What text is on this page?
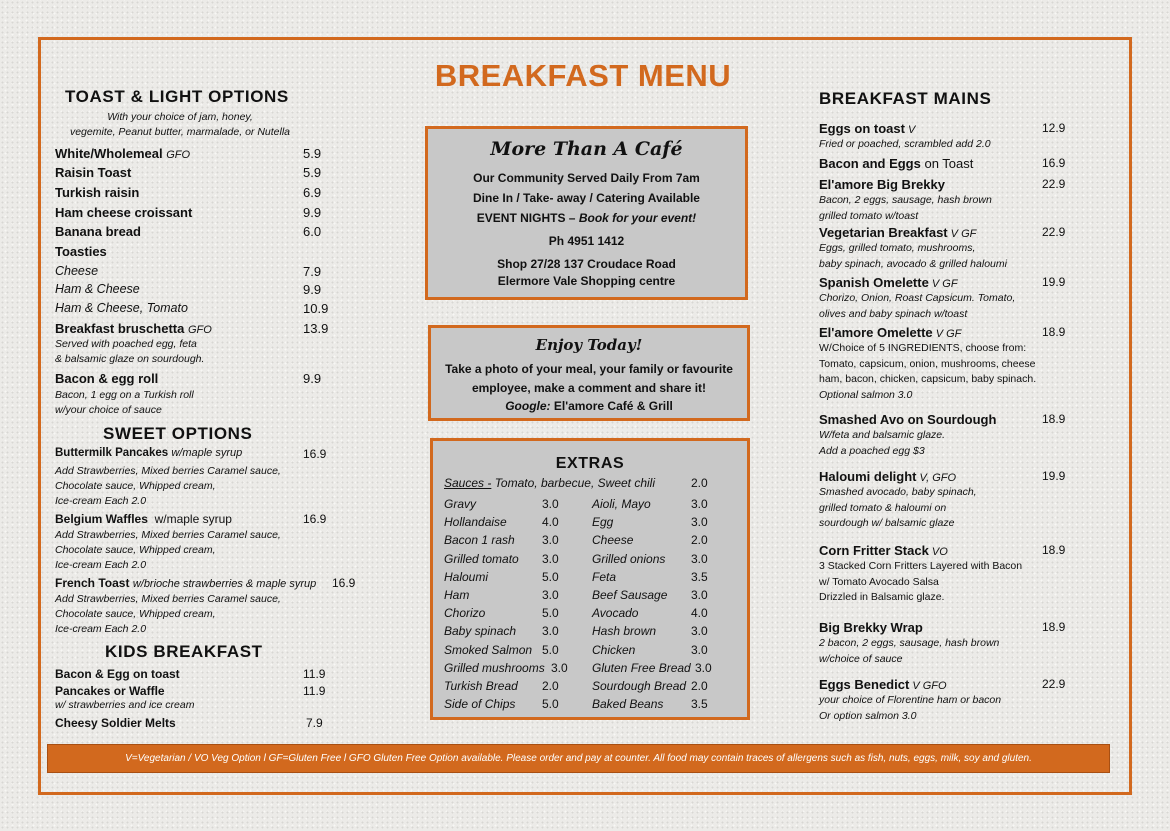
BREAKFAST MENU
TOAST & LIGHT OPTIONS
With your choice of jam, honey,
vegemite, Peanut butter, marmalade, or Nutella
White/Wholemeal GFO	5.9
Raisin Toast	5.9
Turkish raisin	6.9
Ham cheese croissant	9.9
Banana bread	6.0
Toasties
Cheese	7.9
Ham & Cheese	9.9
Ham & Cheese, Tomato	10.9
Breakfast bruschetta GFO	13.9
Served with poached egg, feta
& balsamic glaze on sourdough.
Bacon & egg roll	9.9
Bacon, 1 egg on a Turkish roll
w/your choice of sauce
SWEET OPTIONS
Buttermilk Pancakes w/maple syrup	16.9
Add Strawberries, Mixed berries Caramel sauce,
Chocolate sauce, Whipped cream,
Ice-cream Each 2.0
Belgium Waffles w/maple syrup	16.9
Add Strawberries, Mixed berries Caramel sauce,
Chocolate sauce, Whipped cream,
Ice-cream Each 2.0
French Toast w/brioche strawberries & maple syrup 16.9
Add Strawberries, Mixed berries Caramel sauce,
Chocolate sauce, Whipped cream,
Ice-cream Each 2.0
KIDS BREAKFAST
Bacon & Egg on toast	11.9
Pancakes or Waffle	11.9
w/ strawberries and ice cream
Cheesy Soldier Melts	7.9
More Than A Café
Our Community Served Daily From 7am
Dine In / Take- away / Catering Available
EVENT NIGHTS – Book for your event!
Ph 4951 1412
Shop 27/28 137 Croudace Road
Elermore Vale Shopping centre
Enjoy Today!
Take a photo of your meal, your family or favourite
employee, make a comment and share it!
Google: El'amore Café & Grill
EXTRAS
Sauces - Tomato, barbecue, Sweet chili	2.0
BREAKFAST MAINS
V=Vegetarian / VO Veg Option l GF=Gluten Free l GFO Gluten Free Option available. Please order and pay at counter. All food may contain traces of allergens such as fish, nuts, eggs, milk, soy and gluten.
Gravy	3.0
Hollandaise	4.0
Bacon 1 rash 3.0
Grilled tomato 3.0
Haloumi	5.0
Ham	3.0
Chorizo	5.0
Baby spinach 3.0
Smoked Salmon 5.0
Grilled mushrooms 3.0
Turkish Bread 2.0
Side of Chips 5.0
Aioli, Mayo	3.0
Egg	3.0
Cheese	2.0
Grilled onions 3.0
Feta	3.5
Beef Sausage 3.0
Avocado	4.0
Hash brown	3.0
Chicken	3.0
Gluten Free Bread 3.0
Sourdough Bread 2.0
Baked Beans 3.5
Eggs on toast V	12.9
Fried or poached, scrambled add 2.0
Bacon and Eggs on Toast	16.9
El'amore Big Brekky	22.9
Bacon, 2 eggs, sausage, hash brown
grilled tomato w/toast
Vegetarian Breakfast V GF	22.9
Eggs, grilled tomato, mushrooms,
baby spinach, avocado & grilled haloumi
Spanish Omelette V GF	19.9
Chorizo, Onion, Roast Capsicum. Tomato,
olives and baby spinach w/toast
El'amore Omelette V GF	18.9
W/Choice of 5 INGREDIENTS, choose from:
Tomato, capsicum, onion, mushrooms, cheese
ham, bacon, chicken, capsicum, baby spinach.
Optional salmon 3.0
Smashed Avo on Sourdough	18.9
W/feta and balsamic glaze.
Add a poached egg $3
Haloumi delight V, GFO	19.9
Smashed avocado, baby spinach,
grilled tomato & haloumi on
sourdough w/ balsamic glaze
Corn Fritter Stack VO	18.9
3 Stacked Corn Fritters Layered with Bacon
w/ Tomato Avocado Salsa
Drizzled in Balsamic glaze.
Big Brekky Wrap	18.9
2 bacon, 2 eggs, sausage, hash brown
w/choice of sauce
Eggs Benedict V GFO	22.9
your choice of Florentine ham or bacon
Or option salmon 3.0
